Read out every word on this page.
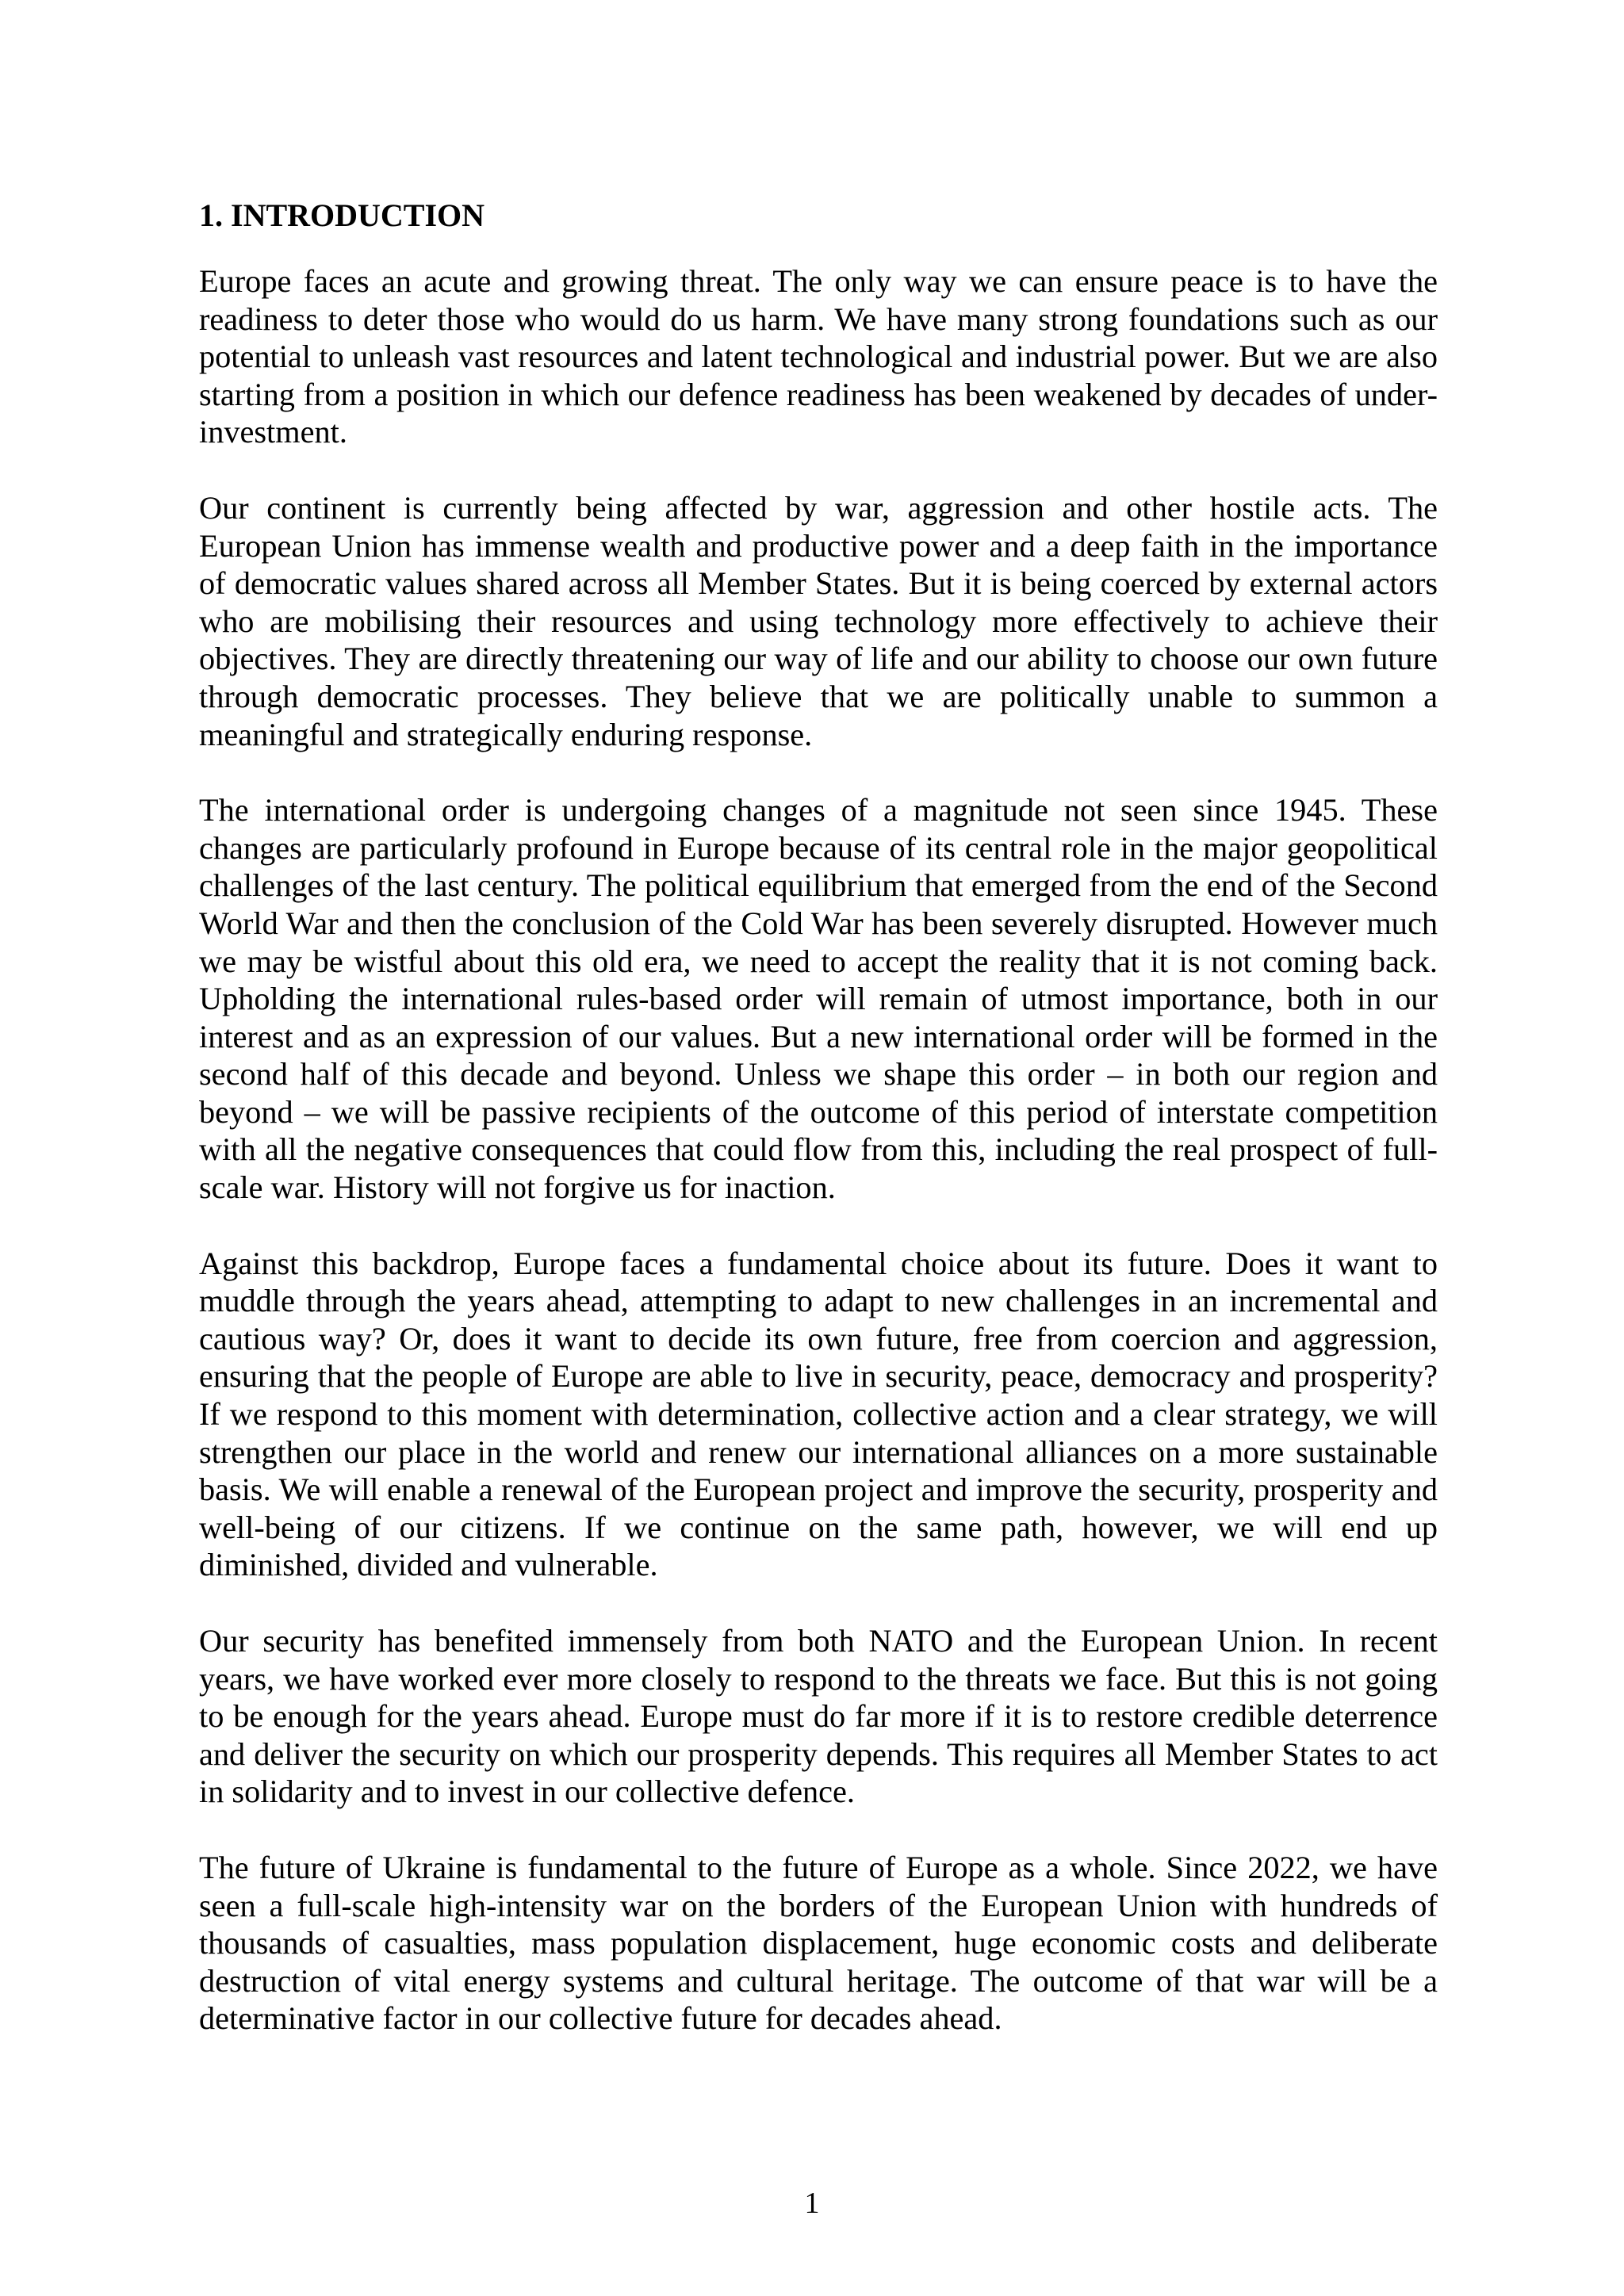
1. INTRODUCTION

Europe faces an acute and growing threat. The only way we can ensure peace is to have the readiness to deter those who would do us harm. We have many strong foundations such as our potential to unleash vast resources and latent technological and industrial power. But we are also starting from a position in which our defence readiness has been weakened by decades of under-investment.

Our continent is currently being affected by war, aggression and other hostile acts. The European Union has immense wealth and productive power and a deep faith in the importance of democratic values shared across all Member States. But it is being coerced by external actors who are mobilising their resources and using technology more effectively to achieve their objectives. They are directly threatening our way of life and our ability to choose our own future through democratic processes. They believe that we are politically unable to summon a meaningful and strategically enduring response.

The international order is undergoing changes of a magnitude not seen since 1945. These changes are particularly profound in Europe because of its central role in the major geopolitical challenges of the last century. The political equilibrium that emerged from the end of the Second World War and then the conclusion of the Cold War has been severely disrupted. However much we may be wistful about this old era, we need to accept the reality that it is not coming back. Upholding the international rules-based order will remain of utmost importance, both in our interest and as an expression of our values. But a new international order will be formed in the second half of this decade and beyond. Unless we shape this order – in both our region and beyond – we will be passive recipients of the outcome of this period of interstate competition with all the negative consequences that could flow from this, including the real prospect of full-scale war. History will not forgive us for inaction.

Against this backdrop, Europe faces a fundamental choice about its future. Does it want to muddle through the years ahead, attempting to adapt to new challenges in an incremental and cautious way? Or, does it want to decide its own future, free from coercion and aggression, ensuring that the people of Europe are able to live in security, peace, democracy and prosperity? If we respond to this moment with determination, collective action and a clear strategy, we will strengthen our place in the world and renew our international alliances on a more sustainable basis. We will enable a renewal of the European project and improve the security, prosperity and well-being of our citizens. If we continue on the same path, however, we will end up diminished, divided and vulnerable.

Our security has benefited immensely from both NATO and the European Union. In recent years, we have worked ever more closely to respond to the threats we face. But this is not going to be enough for the years ahead. Europe must do far more if it is to restore credible deterrence and deliver the security on which our prosperity depends. This requires all Member States to act in solidarity and to invest in our collective defence.

The future of Ukraine is fundamental to the future of Europe as a whole. Since 2022, we have seen a full-scale high-intensity war on the borders of the European Union with hundreds of thousands of casualties, mass population displacement, huge economic costs and deliberate destruction of vital energy systems and cultural heritage. The outcome of that war will be a determinative factor in our collective future for decades ahead.

1
